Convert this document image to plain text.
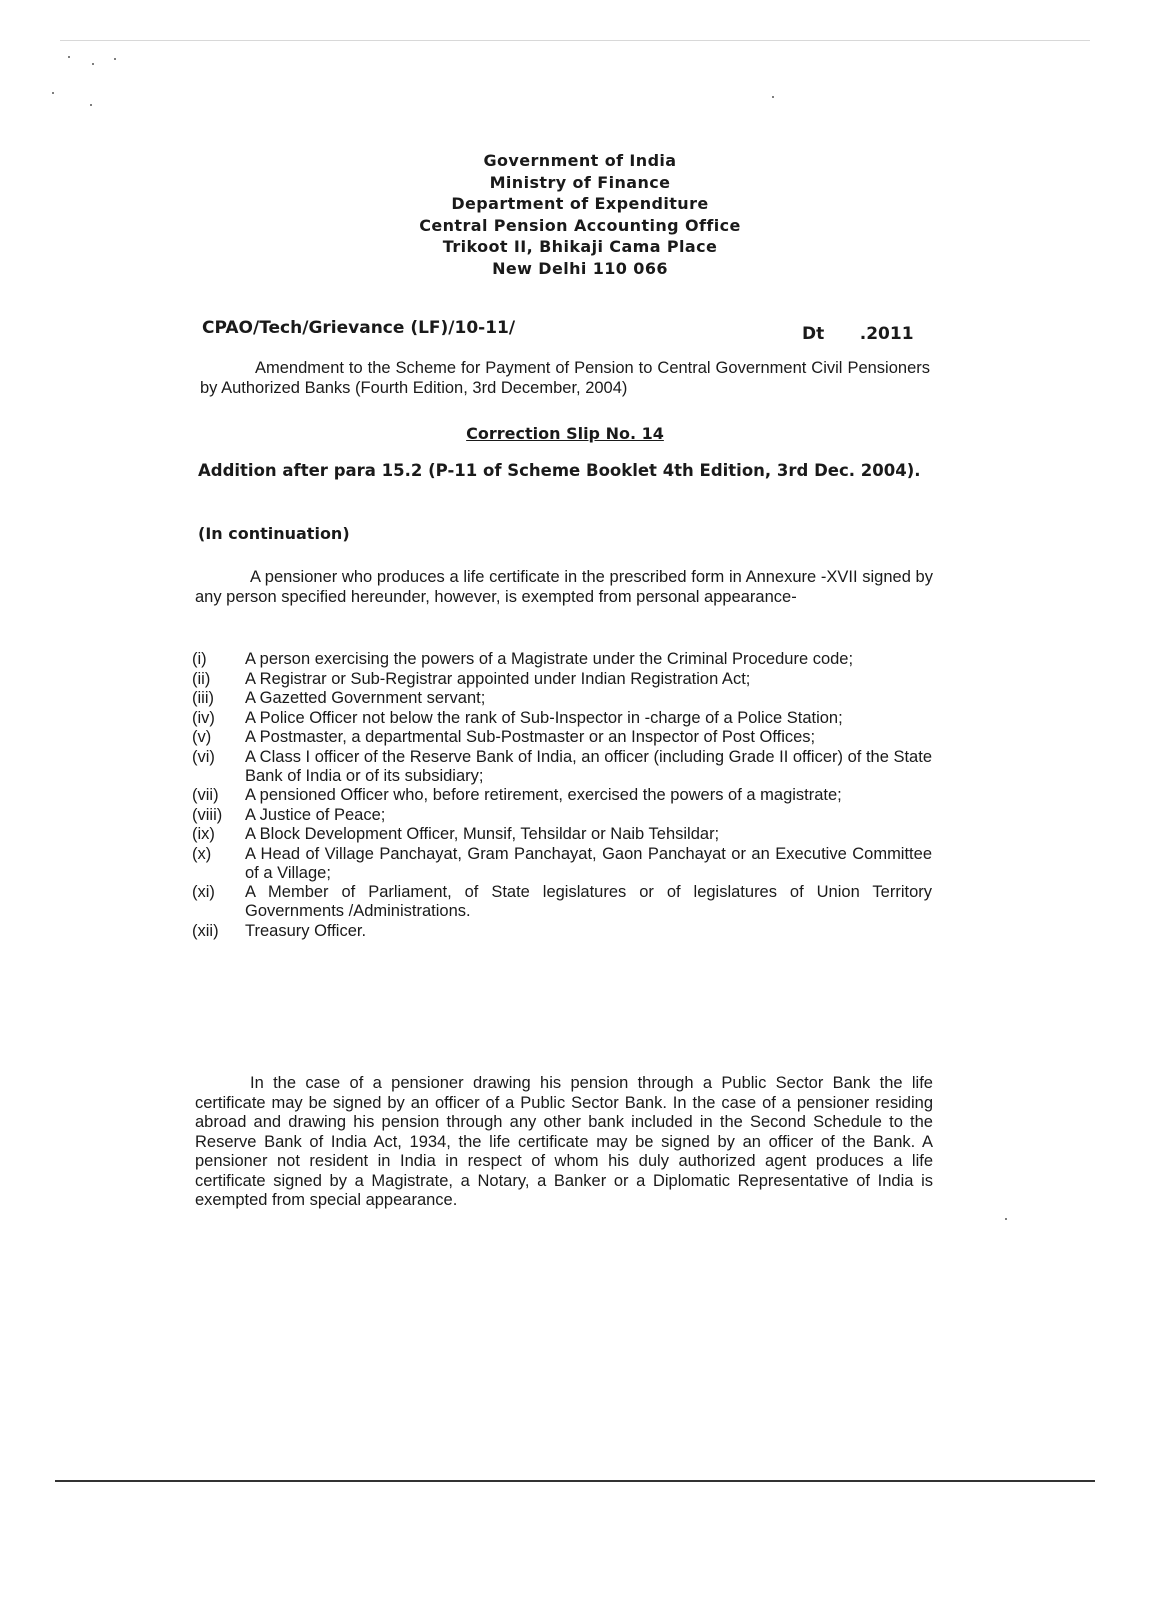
Government of India
Ministry of Finance
Department of Expenditure
Central Pension Accounting Office
Trikoot II, Bhikaji Cama Place
New Delhi 110 066
CPAO/Tech/Grievance (LF)/10-11/	Dt      .2011
Amendment to the Scheme for Payment of Pension to Central Government Civil Pensioners by Authorized Banks (Fourth Edition, 3rd December, 2004)
Correction Slip No. 14
Addition after para 15.2 (P-11 of Scheme Booklet 4th Edition, 3rd Dec. 2004).
(In continuation)
A pensioner who produces a life certificate in the prescribed form in Annexure -XVII signed by any person specified hereunder, however, is exempted from personal appearance-
(i)	A person exercising the powers of a Magistrate under the Criminal Procedure code;
(ii)	A Registrar or Sub-Registrar appointed under Indian Registration Act;
(iii)	A Gazetted Government servant;
(iv)	A Police Officer not below the rank of Sub-Inspector in -charge of a Police Station;
(v)	A Postmaster, a departmental Sub-Postmaster or an Inspector of Post Offices;
(vi)	A Class I officer of the Reserve Bank of India, an officer (including Grade II officer) of the State Bank of India or of its subsidiary;
(vii)	A pensioned Officer who, before retirement, exercised the powers of a magistrate;
(viii)	A Justice of Peace;
(ix)	A Block Development Officer, Munsif, Tehsildar or Naib Tehsildar;
(x)	A Head of Village Panchayat, Gram Panchayat, Gaon Panchayat or an Executive Committee of a Village;
(xi)	A Member of Parliament, of State legislatures or of legislatures of Union Territory Governments /Administrations.
(xii)	Treasury Officer.
In the case of a pensioner drawing his pension through a Public Sector Bank the life certificate may be signed by an officer of a Public Sector Bank. In the case of a pensioner residing abroad and drawing his pension through any other bank included in the Second Schedule to the Reserve Bank of India Act, 1934, the life certificate may be signed by an officer of the Bank. A pensioner not resident in India in respect of whom his duly authorized agent produces a life certificate signed by a Magistrate, a Notary, a Banker or a Diplomatic Representative of India is exempted from special appearance.
